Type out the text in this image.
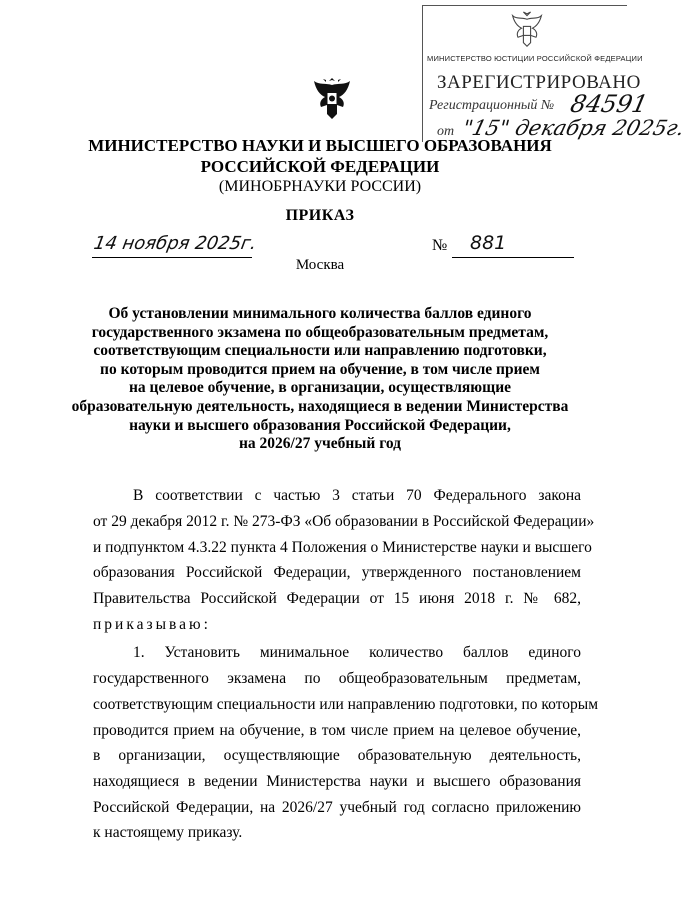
МИНИСТЕРСТВО ЮСТИЦИИ РОССИЙСКОЙ ФЕДЕРАЦИИ
ЗАРЕГИСТРИРОВАНО
Регистрационный № 84591
от "15" декабря 2025г.
МИНИСТЕРСТВО НАУКИ И ВЫСШЕГО ОБРАЗОВАНИЯ
РОССИЙСКОЙ ФЕДЕРАЦИИ
(МИНОБРНАУКИ РОССИИ)
ПРИКАЗ
14 ноября 2025г.	№ 881
Москва
Об установлении минимального количества баллов единого
государственного экзамена по общеобразовательным предметам,
соответствующим специальности или направлению подготовки,
по которым проводится прием на обучение, в том числе прием
на целевое обучение, в организации, осуществляющие
образовательную деятельность, находящиеся в ведении Министерства
науки и высшего образования Российской Федерации,
на 2026/27 учебный год
В соответствии с частью 3 статьи 70 Федерального закона
от 29 декабря 2012 г. № 273-ФЗ «Об образовании в Российской Федерации»
и подпунктом 4.3.22 пункта 4 Положения о Министерстве науки и высшего
образования Российской Федерации, утвержденного постановлением
Правительства Российской Федерации от 15 июня 2018 г. № 682,
приказываю:
1. Установить минимальное количество баллов единого
государственного экзамена по общеобразовательным предметам,
соответствующим специальности или направлению подготовки, по которым
проводится прием на обучение, в том числе прием на целевое обучение,
в организации, осуществляющие образовательную деятельность,
находящиеся в ведении Министерства науки и высшего образования
Российской Федерации, на 2026/27 учебный год согласно приложению
к настоящему приказу.
